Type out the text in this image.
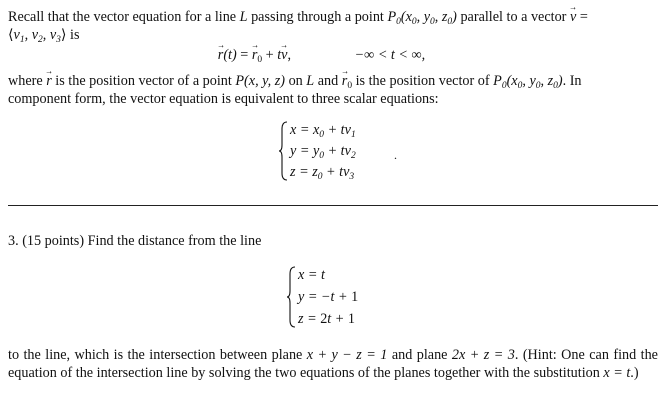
Recall that the vector equation for a line L passing through a point $P_0(x_0$, $y_0$, $z_0$) parallel to a vector → v =
$⟨v_1$, $v_2$, $v_3⟩$ is

→ r(t) = → $r_0 + t\to v$,	−∞ < t < ∞,

where → r is the position vector of a point P(x, y, z) on L and → $r_0$ is the position vector of $P_0(x_0$, $y_0$, $z_0$). In
component form, the vector equation is equivalent to three scalar equations:

$x = x_0 + tv_1$
$y = y_0 + tv_2$
$z = z_0 + tv_3$
.
3. (15 points) Find the distance from the line
x = t
y = −t + 1
z = 2t + 1

to the line, which is the intersection between plane x + y − z = 1 and plane 2x + z = 3. (Hint: One can find the equation of the intersection line by solving the two equations of the planes together with the substitution x = t.)
